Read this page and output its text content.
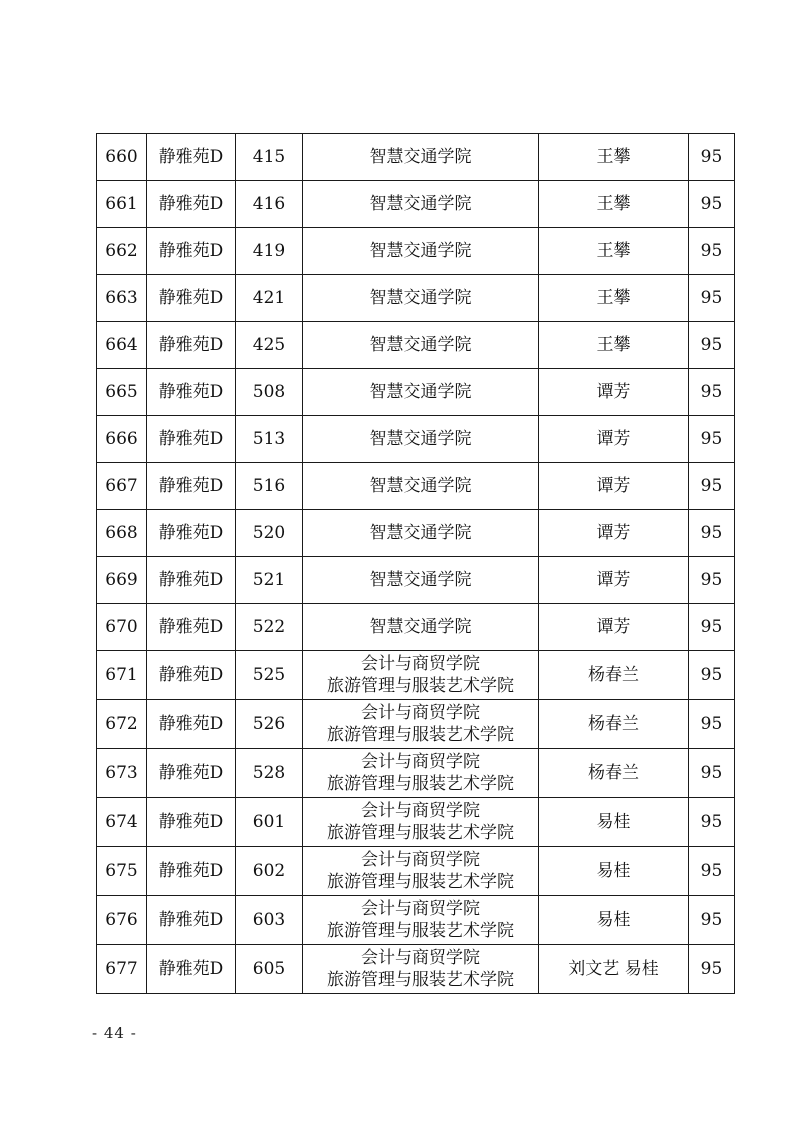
660	静雅苑D	415	智慧交通学院	王攀	95
661	静雅苑D	416	智慧交通学院	王攀	95
662	静雅苑D	419	智慧交通学院	王攀	95
663	静雅苑D	421	智慧交通学院	王攀	95
664	静雅苑D	425	智慧交通学院	王攀	95
665	静雅苑D	508	智慧交通学院	谭芳	95
666	静雅苑D	513	智慧交通学院	谭芳	95
667	静雅苑D	516	智慧交通学院	谭芳	95
668	静雅苑D	520	智慧交通学院	谭芳	95
669	静雅苑D	521	智慧交通学院	谭芳	95
670	静雅苑D	522	智慧交通学院	谭芳	95
671	静雅苑D	525	会计与商贸学院
旅游管理与服装艺术学院	杨春兰	95
672	静雅苑D	526	会计与商贸学院
旅游管理与服装艺术学院	杨春兰	95
673	静雅苑D	528	会计与商贸学院
旅游管理与服装艺术学院	杨春兰	95
674	静雅苑D	601	会计与商贸学院
旅游管理与服装艺术学院	易桂	95
675	静雅苑D	602	会计与商贸学院
旅游管理与服装艺术学院	易桂	95
676	静雅苑D	603	会计与商贸学院
旅游管理与服装艺术学院	易桂	95
677	静雅苑D	605	会计与商贸学院
旅游管理与服装艺术学院	刘文艺 易桂	95
- 44 -
